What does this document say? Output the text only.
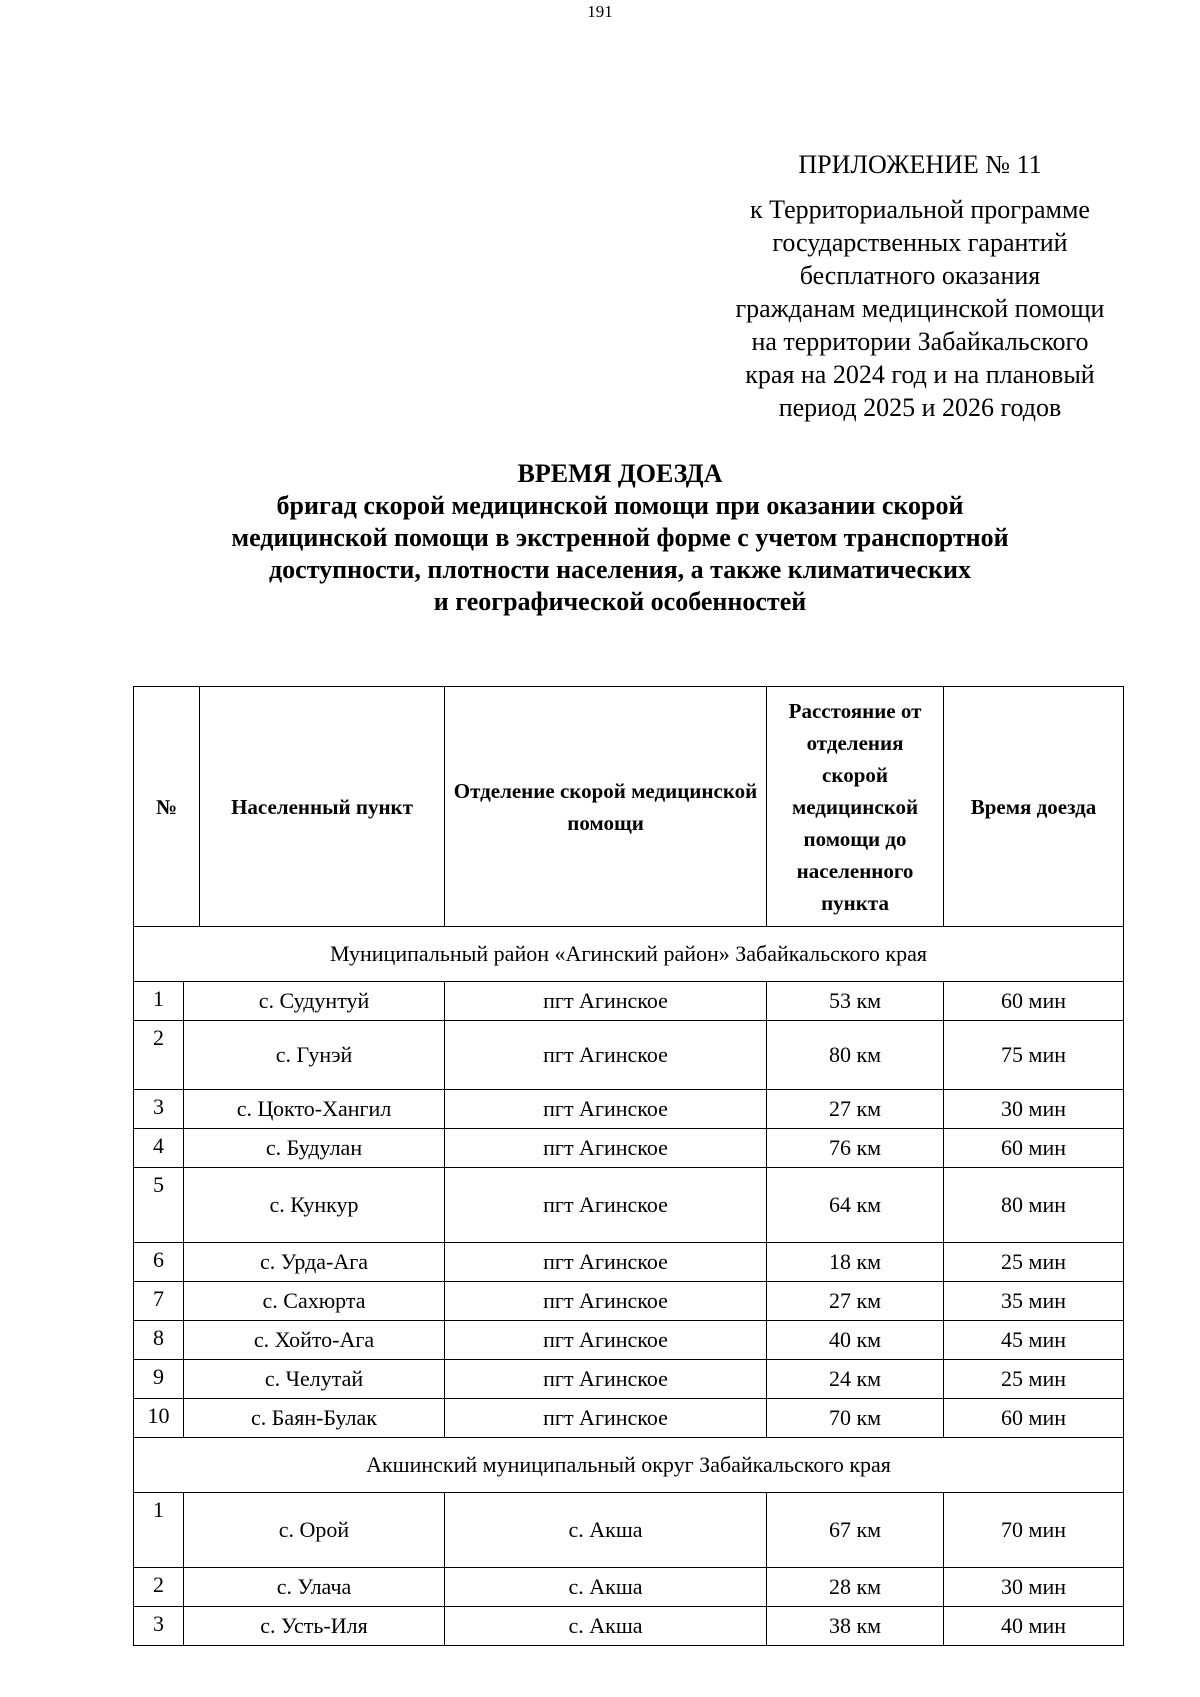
191
ПРИЛОЖЕНИЕ № 11
к Территориальной программе
государственных гарантий
бесплатного оказания
гражданам медицинской помощи
на территории Забайкальского
края на 2024 год и на плановый
период 2025 и 2026 годов
ВРЕМЯ ДОЕЗДА
бригад скорой медицинской помощи при оказании скорой
медицинской помощи в экстренной форме с учетом транспортной
доступности, плотности населения, а также климатических
и географической особенностей
№		Населенный пункт	Отделение скорой медицинской помощи	Расстояние от отделения скорой медицинской помощи до населенного пункта	Время доезда
Муниципальный район «Агинский район» Забайкальского края					
1	с. Судунтуй		пгт Агинское	53 км	60 мин
2	с. Гунэй		пгт Агинское	80 км	75 мин
3	с. Цокто-Хангил		пгт Агинское	27 км	30 мин
4	с. Будулан		пгт Агинское	76 км	60 мин
5	с. Кункур		пгт Агинское	64 км	80 мин
6	с. Урда-Ага		пгт Агинское	18 км	25 мин
7	с. Сахюрта		пгт Агинское	27 км	35 мин
8	с. Хойто-Ага		пгт Агинское	40 км	45 мин
9	с. Челутай		пгт Агинское	24 км	25 мин
10	с. Баян-Булак		пгт Агинское	70 км	60 мин
Акшинский муниципальный округ Забайкальского края					
1	с. Орой		с. Акша	67 км	70 мин
2	с. Улача		с. Акша	28 км	30 мин
3	с. Усть-Иля		с. Акша	38 км	40 мин
